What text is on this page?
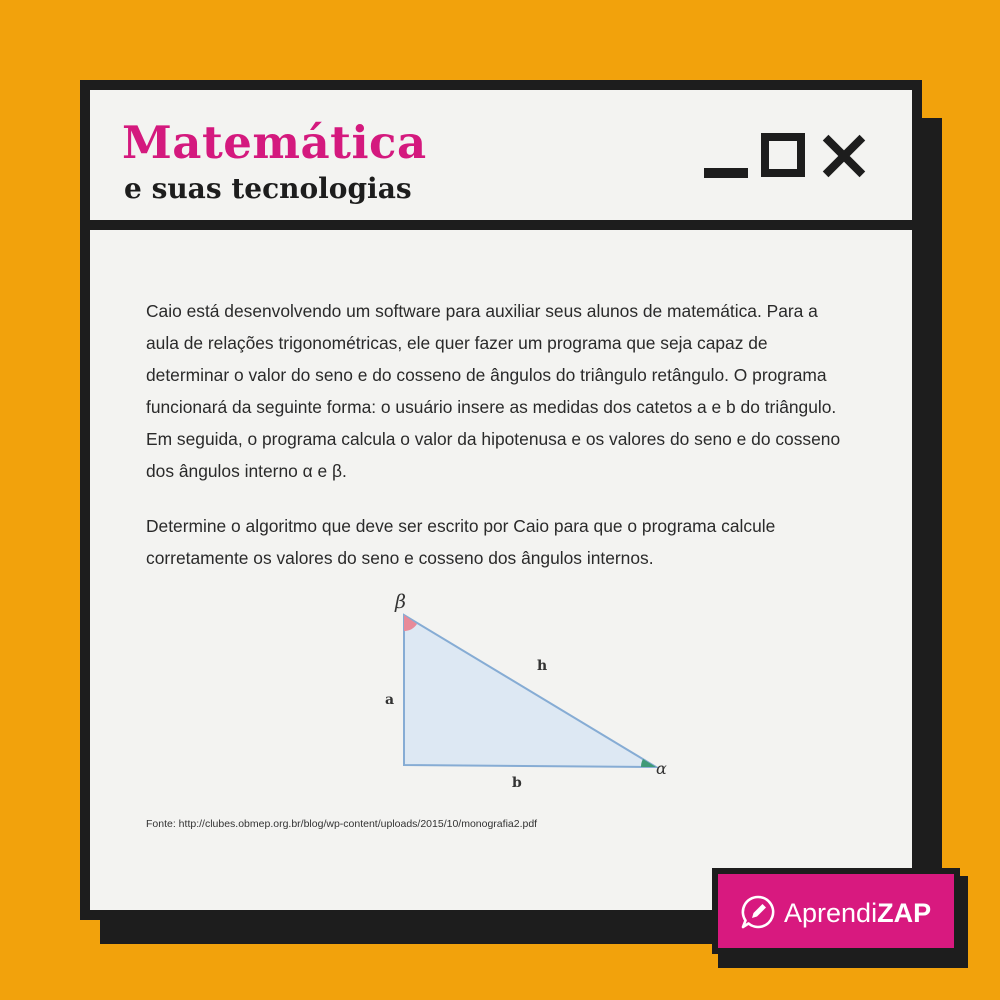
Matemática
e suas tecnologias

Caio está desenvolvendo um software para auxiliar seus alunos de matemática. Para a aula de relações trigonométricas, ele quer fazer um programa que seja capaz de determinar o valor do seno e do cosseno de ângulos do triângulo retângulo. O programa funcionará da seguinte forma: o usuário insere as medidas dos catetos a e b do triângulo. Em seguida, o programa calcula o valor da hipotenusa e os valores do seno e do cosseno dos ângulos interno α e β.

Determine o algoritmo que deve ser escrito por Caio para que o programa calcule corretamente os valores do seno e cosseno dos ângulos internos.

β
α
a
b
h
Fonte: http://clubes.obmep.org.br/blog/wp-content/uploads/2015/10/monografia2.pdf
AprendiZAP
